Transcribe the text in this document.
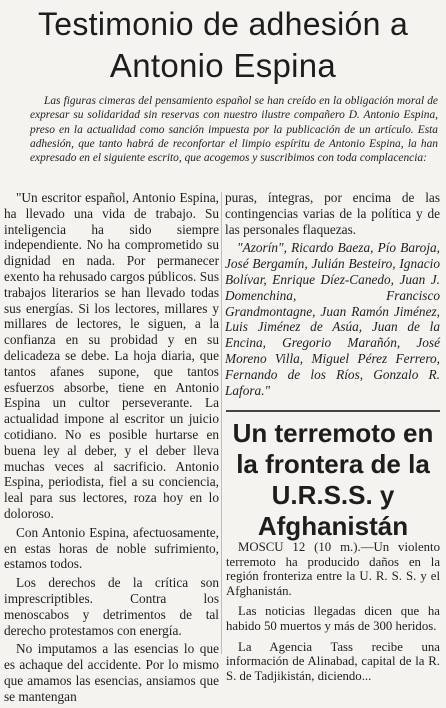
Testimonio de adhesión a
Antonio Espina

Las figuras cimeras del pensamiento español se han creído en la obligación moral de expresar su solidaridad sin reservas con nuestro ilustre compañero D. Antonio Espina, preso en la actualidad como sanción impuesta por la publicación de un artículo. Esta adhesión, que tanto habrá de reconfortar el limpio espíritu de Antonio Espina, la han expresado en el siguiente escrito, que acogemos y suscribimos con toda complacencia:

"Un escritor español, Antonio Espina, ha llevado una vida de trabajo. Su inteligencia ha sido siempre independiente. No ha comprometido su dignidad en nada. Por permanecer exento ha rehusado cargos públicos. Sus trabajos literarios se han llevado todas sus energías. Si los lectores, millares y millares de lectores, le siguen, a la confianza en su probidad y en su delicadeza se debe. La hoja diaria, que tantos afanes supone, que tantos esfuerzos absorbe, tiene en Antonio Espina un cultor perseverante. La actualidad impone al escritor un juicio cotidiano. No es posible hurtarse en buena ley al deber, y el deber lleva muchas veces al sacrificio. Antonio Espina, periodista, fiel a su conciencia, leal para sus lectores, roza hoy en lo doloroso.

Con Antonio Espina, afectuosamente, en estas horas de noble sufrimiento, estamos todos.

Los derechos de la crítica son imprescriptibles. Contra los menoscabos y detrimentos de tal derecho protestamos con energía.

No imputamos a las esencias lo que es achaque del accidente. Por lo mismo que amamos las esencias, ansiamos que se mantengan

puras, íntegras, por encima de las contingencias varias de la política y de las personales flaquezas.

"Azorín", Ricardo Baeza, Pío Baroja, José Bergamín, Julián Besteiro, Ignacio Bolívar, Enrique Díez-Canedo, Juan J. Domenchina, Francisco Grandmontagne, Juan Ramón Jiménez, Luis Jiménez de Asúa, Juan de la Encina, Gregorio Marañón, José Moreno Villa, Miguel Pérez Ferrero, Fernando de los Ríos, Gonzalo R. Lafora."

Un terremoto en la frontera de la U.R.S.S. y Afghanistán

MOSCU 12 (10 m.).—Un violento terremoto ha producido daños en la región fronteriza entre la U. R. S. S. y el Afghanistán.

Las noticias llegadas dicen que ha habido 50 muertos y más de 300 heridos.

La Agencia Tass recibe una información de Alinabad, capital de la R. S. de Tadjikistán, diciendo...
